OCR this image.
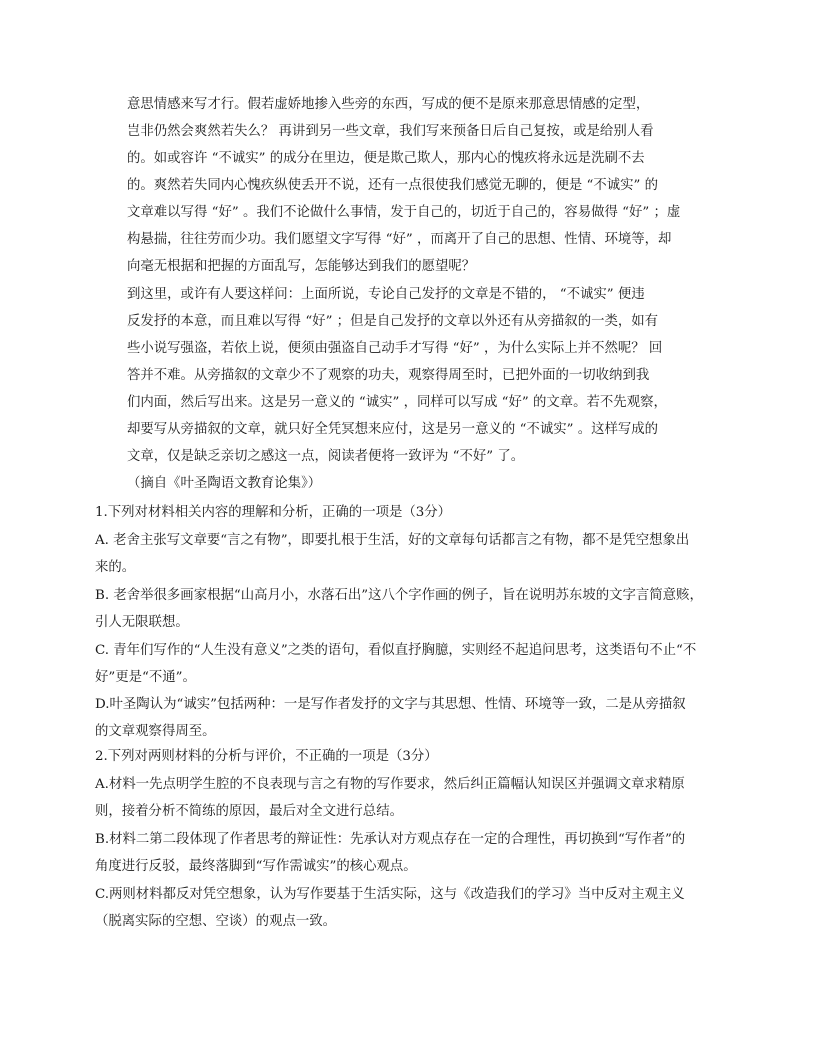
意思情感来写才行。假若虚娇地掺入些旁的东西，写成的便不是原来那意思情感的定型，
岂非仍然会爽然若失么？ 再讲到另一些文章，我们写来预备日后自己复按，或是给别人看
的。如或容许 “不诚实” 的成分在里边，便是欺己欺人，那内心的愧疚将永远是洗刷不去
的。爽然若失同内心愧疚纵使丢开不说，还有一点很使我们感觉无聊的，便是 “不诚实” 的
文章难以写得 “好” 。我们不论做什么事情，发于自己的，切近于自己的，容易做得 “好” ；虚
构悬揣，往往劳而少功。我们愿望文字写得 “好” ，而离开了自己的思想、性情、环境等，却
向毫无根据和把握的方面乱写，怎能够达到我们的愿望呢？
到这里，或许有人要这样问：上面所说，专论自己发抒的文章是不错的， “不诚实” 便违
反发抒的本意，而且难以写得 “好” ；但是自己发抒的文章以外还有从旁描叙的一类，如有
些小说写强盗，若依上说，便须由强盗自己动手才写得 “好” ，为什么实际上并不然呢？ 回
答并不难。从旁描叙的文章少不了观察的功夫，观察得周至时，已把外面的一切收纳到我
们内面，然后写出来。这是另一意义的 “诚实” ，同样可以写成 “好” 的文章。若不先观察，
却要写从旁描叙的文章，就只好全凭冥想来应付，这是另一意义的 “不诚实” 。这样写成的
文章，仅是缺乏亲切之感这一点，阅读者便将一致评为 “不好” 了。
（摘自《叶圣陶语文教育论集》）
1.下列对材料相关内容的理解和分析，正确的一项是（3分）
A. 老舍主张写文章要“言之有物”，即要扎根于生活，好的文章每句话都言之有物，都不是凭空想象出
来的。
B. 老舍举很多画家根据“山高月小，水落石出”这八个字作画的例子，旨在说明苏东坡的文字言简意赅，
引人无限联想。
C. 青年们写作的“人生没有意义”之类的语句，看似直抒胸臆，实则经不起追问思考，这类语句不止“不
好”更是“不通”。
D.叶圣陶认为“诚实”包括两种：一是写作者发抒的文字与其思想、性情、环境等一致，二是从旁描叙
的文章观察得周至。
2.下列对两则材料的分析与评价，不正确的一项是（3分）
A.材料一先点明学生腔的不良表现与言之有物的写作要求，然后纠正篇幅认知误区并强调文章求精原
则，接着分析不简练的原因，最后对全文进行总结。
B.材料二第二段体现了作者思考的辩证性：先承认对方观点存在一定的合理性，再切换到“写作者”的
角度进行反驳，最终落脚到“写作需诚实”的核心观点。
C.两则材料都反对凭空想象，认为写作要基于生活实际，这与《改造我们的学习》当中反对主观主义
（脱离实际的空想、空谈）的观点一致。
